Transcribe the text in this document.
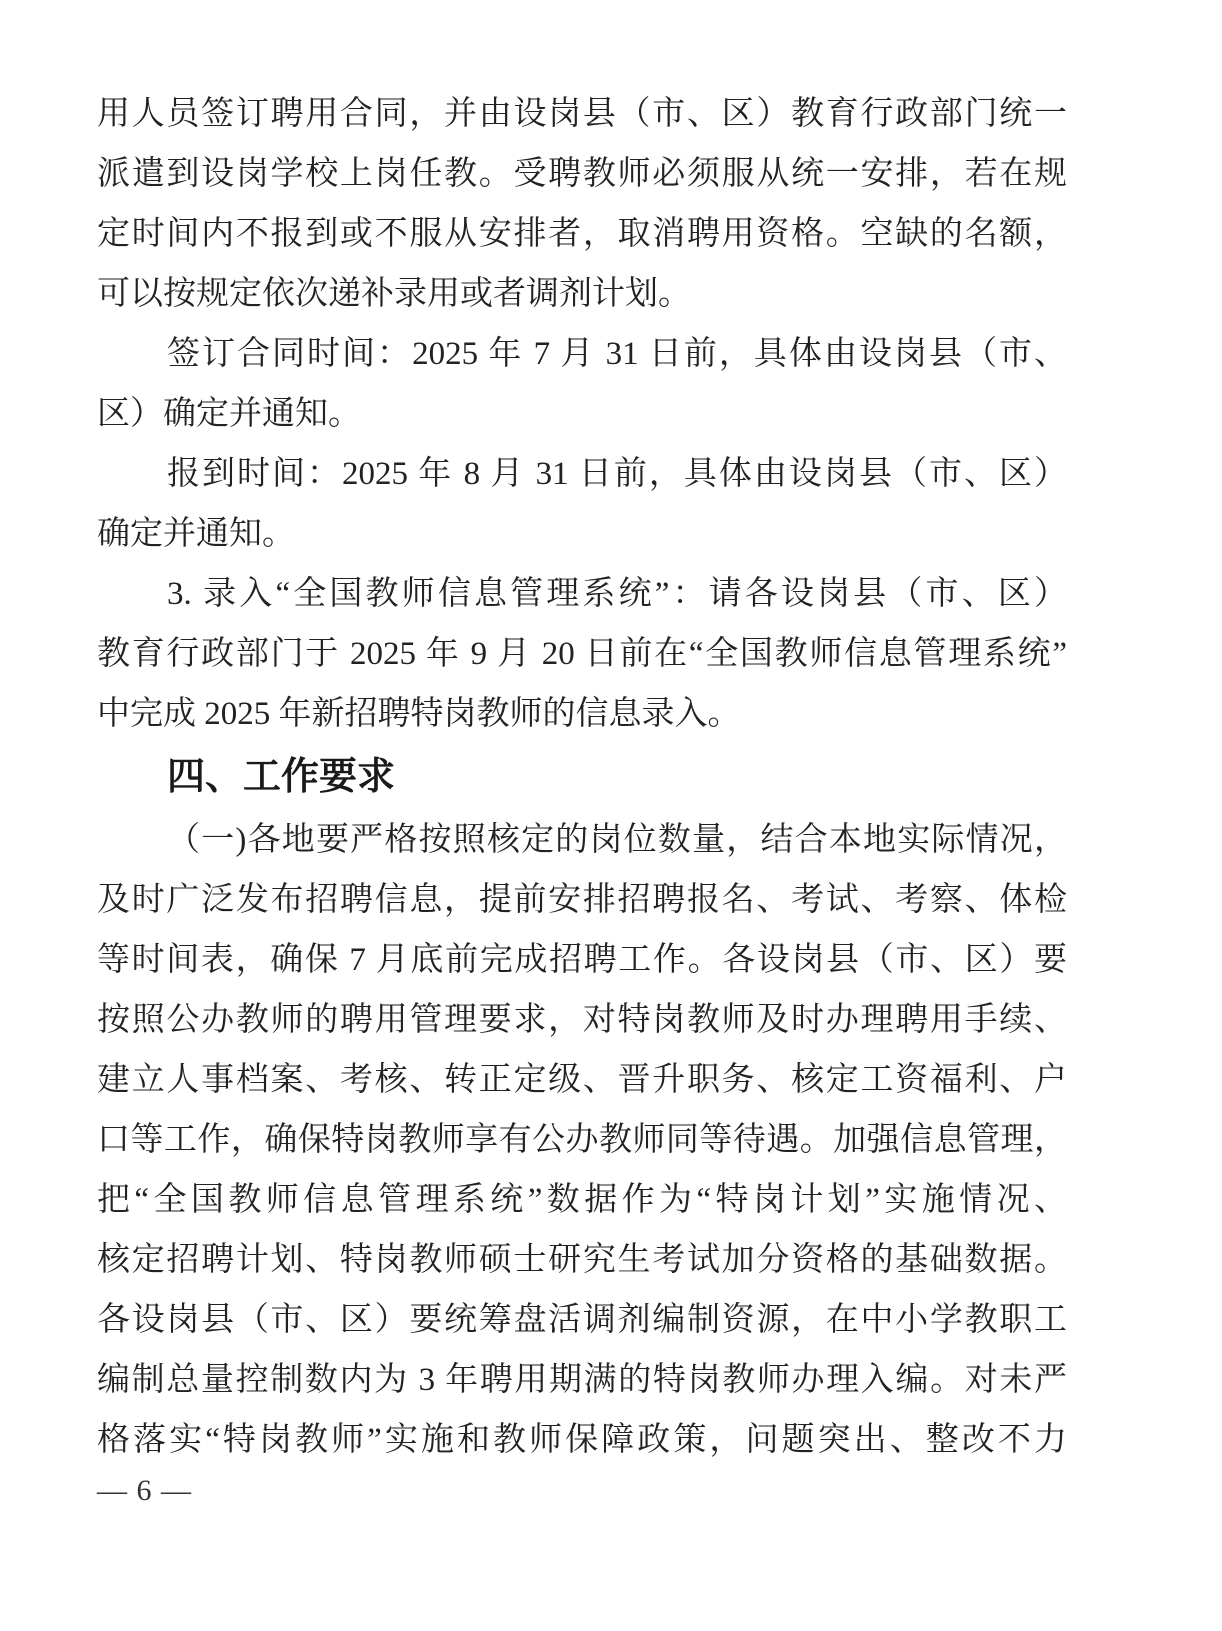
用人员签订聘用合同，并由设岗县（市、区）教育行政部门统一
派遣到设岗学校上岗任教。受聘教师必须服从统一安排，若在规
定时间内不报到或不服从安排者，取消聘用资格。空缺的名额，
可以按规定依次递补录用或者调剂计划。
签订合同时间：2025 年 7 月 31 日前，具体由设岗县（市、
区）确定并通知。
报到时间：2025 年 8 月 31 日前，具体由设岗县（市、区）
确定并通知。
3. 录入“全国教师信息管理系统”：请各设岗县（市、区）
教育行政部门于 2025 年 9 月 20 日前在“全国教师信息管理系统”
中完成 2025 年新招聘特岗教师的信息录入。
四、工作要求
（一)各地要严格按照核定的岗位数量，结合本地实际情况，
及时广泛发布招聘信息，提前安排招聘报名、考试、考察、体检
等时间表，确保 7 月底前完成招聘工作。各设岗县（市、区）要
按照公办教师的聘用管理要求，对特岗教师及时办理聘用手续、
建立人事档案、考核、转正定级、晋升职务、核定工资福利、户
口等工作，确保特岗教师享有公办教师同等待遇。加强信息管理，
把“全国教师信息管理系统”数据作为“特岗计划”实施情况、
核定招聘计划、特岗教师硕士研究生考试加分资格的基础数据。
各设岗县（市、区）要统筹盘活调剂编制资源，在中小学教职工
编制总量控制数内为 3 年聘用期满的特岗教师办理入编。对未严
格落实“特岗教师”实施和教师保障政策，问题突出、整改不力
— 6 —
